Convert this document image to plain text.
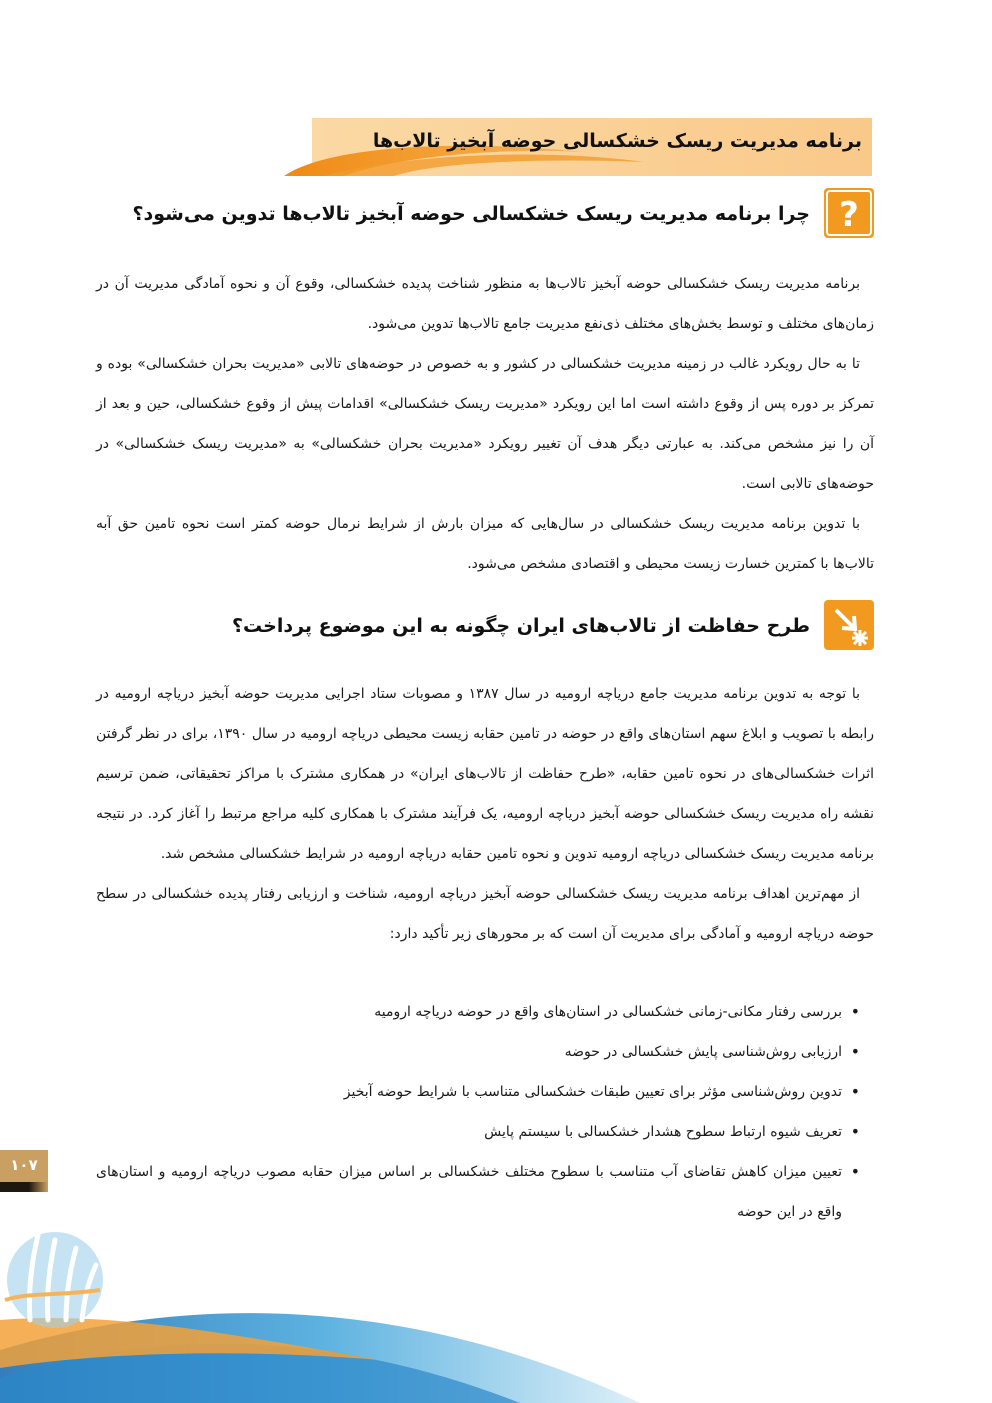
برنامه مدیریت ریسک خشکسالی حوضه آبخیز تالاب‌ها
?
چرا برنامه مدیریت ریسک خشکسالی حوضه آبخیز تالاب‌ها تدوین می‌شود؟

برنامه مدیریت ریسک خشکسالی حوضه آبخیز تالاب‌ها به منظور شناخت پدیده خشکسالی، وقوع آن و نحوه آمادگی مدیریت آن در زمان‌های مختلف و توسط بخش‌های مختلف ذی‌نفع مدیریت جامع تالاب‌ها تدوین می‌شود.

تا به حال رویکرد غالب در زمینه مدیریت خشکسالی در کشور و به خصوص در حوضه‌های تالابی «مدیریت بحران خشکسالی» بوده و تمرکز بر دوره پس از وقوع داشته است اما این رویکرد «مدیریت ریسک خشکسالی» اقدامات پیش از وقوع خشکسالی، حین و بعد از آن را نیز مشخص می‌کند. به عبارتی دیگر هدف آن تغییر رویکرد «مدیریت بحران خشکسالی» به «مدیریت ریسک خشکسالی» در حوضه‌های تالابی است.

با تدوین برنامه مدیریت ریسک خشکسالی در سال‌هایی که میزان بارش از شرایط نرمال حوضه کمتر است نحوه تامین حق آبه تالاب‌ها با کمترین خسارت زیست محیطی و اقتصادی مشخص می‌شود.

طرح حفاظت از تالاب‌های ایران چگونه به این موضوع پرداخت؟

با توجه به تدوین برنامه مدیریت جامع دریاچه ارومیه در سال ۱۳۸۷ و مصوبات ستاد اجرایی مدیریت حوضه آبخیز دریاچه ارومیه در رابطه با تصویب و ابلاغ سهم استان‌های واقع در حوضه در تامین حقابه زیست محیطی دریاچه ارومیه در سال ۱۳۹۰، برای در نظر گرفتن اثرات خشکسالی‌های در نحوه تامین حقابه، «طرح حفاظت از تالاب‌های ایران» در همکاری مشترک با مراکز تحقیقاتی، ضمن ترسیم نقشه راه مدیریت ریسک خشکسالی حوضه آبخیز دریاچه ارومیه، یک فرآیند مشترک با همکاری کلیه مراجع مرتبط را آغاز کرد. در نتیجه برنامه مدیریت ریسک خشکسالی دریاچه ارومیه تدوین و نحوه تامین حقابه دریاچه ارومیه در شرایط خشکسالی مشخص شد.

از مهم‌ترین اهداف برنامه مدیریت ریسک خشکسالی حوضه آبخیز دریاچه ارومیه، شناخت و ارزیابی رفتار پدیده خشکسالی در سطح حوضه دریاچه ارومیه و آمادگی برای مدیریت آن است که بر محورهای زیر تأکید دارد:

• بررسی رفتار مکانی-زمانی خشکسالی در استان‌های واقع در حوضه دریاچه ارومیه
• ارزیابی روش‌شناسی پایش خشکسالی در حوضه
• تدوین روش‌شناسی مؤثر برای تعیین طبقات خشکسالی متناسب با شرایط حوضه آبخیز
• تعریف شیوه ارتباط سطوح هشدار خشکسالی با سیستم پایش
• تعیین میزان کاهش تقاضای آب متناسب با سطوح مختلف خشکسالی بر اساس میزان حقابه مصوب دریاچه ارومیه و استان‌های واقع در این حوضه
۱۰۷
